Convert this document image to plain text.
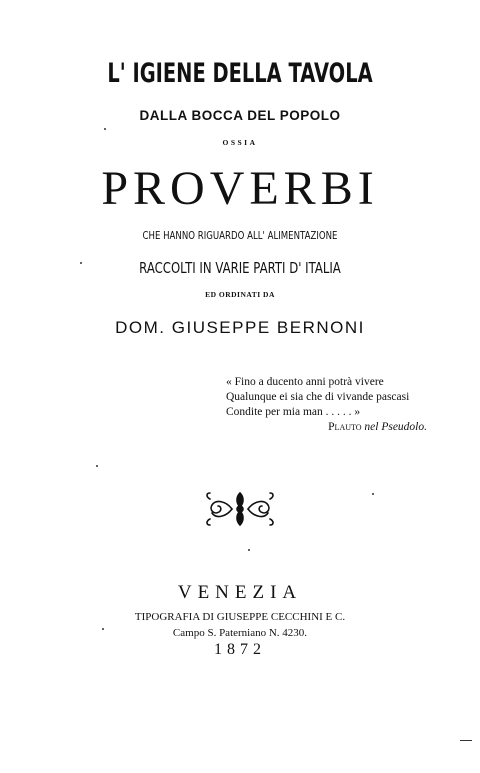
L' IGIENE DELLA TAVOLA
DALLA BOCCA DEL POPOLO
OSSIA
PROVERBI
CHE HANNO RIGUARDO ALL' ALIMENTAZIONE
RACCOLTI IN VARIE PARTI D' ITALIA
ED ORDINATI DA
DOM. GIUSEPPE BERNONI
« Fino a ducento anni potrà vivere
Qualunque ei sia che di vivande pascasi
Condite per mia man . . . . . »
Plauto nel Pseudolo.
VENEZIA
TIPOGRAFIA DI GIUSEPPE CECCHINI E C.
Campo S. Paterniano N. 4230.
1872
